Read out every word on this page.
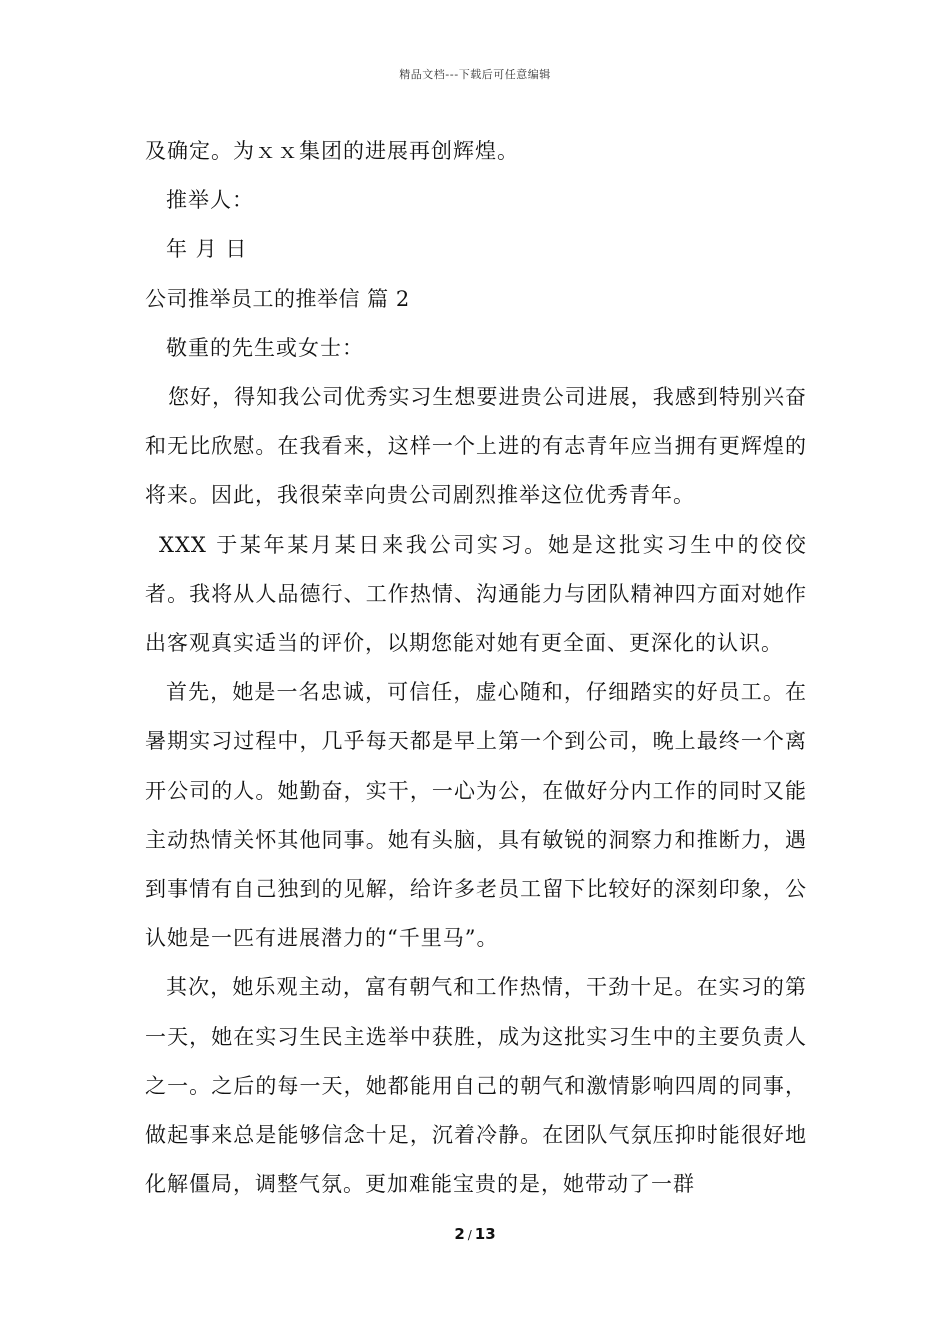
精品文档---下载后可任意编辑

及确定。为ｘｘ集团的进展再创辉煌。

推举人：

年 月 日

公司推举员工的推举信 篇 2

敬重的先生或女士：

您好，得知我公司优秀实习生想要进贵公司进展，我感到特别兴奋和无比欣慰。在我看来，这样一个上进的有志青年应当拥有更辉煌的将来。因此，我很荣幸向贵公司剧烈推举这位优秀青年。

XXX 于某年某月某日来我公司实习。她是这批实习生中的佼佼者。我将从人品德行、工作热情、沟通能力与团队精神四方面对她作出客观真实适当的评价，以期您能对她有更全面、更深化的认识。

首先，她是一名忠诚，可信任，虚心随和，仔细踏实的好员工。在暑期实习过程中，几乎每天都是早上第一个到公司，晚上最终一个离开公司的人。她勤奋，实干，一心为公，在做好分内工作的同时又能主动热情关怀其他同事。她有头脑，具有敏锐的洞察力和推断力，遇到事情有自己独到的见解，给许多老员工留下比较好的深刻印象，公认她是一匹有进展潜力的“千里马”。

其次，她乐观主动，富有朝气和工作热情，干劲十足。在实习的第一天，她在实习生民主选举中获胜，成为这批实习生中的主要负责人之一。之后的每一天，她都能用自己的朝气和激情影响四周的同事，做起事来总是能够信念十足，沉着冷静。在团队气氛压抑时能很好地化解僵局，调整气氛。更加难能宝贵的是，她带动了一群

2 / 13
